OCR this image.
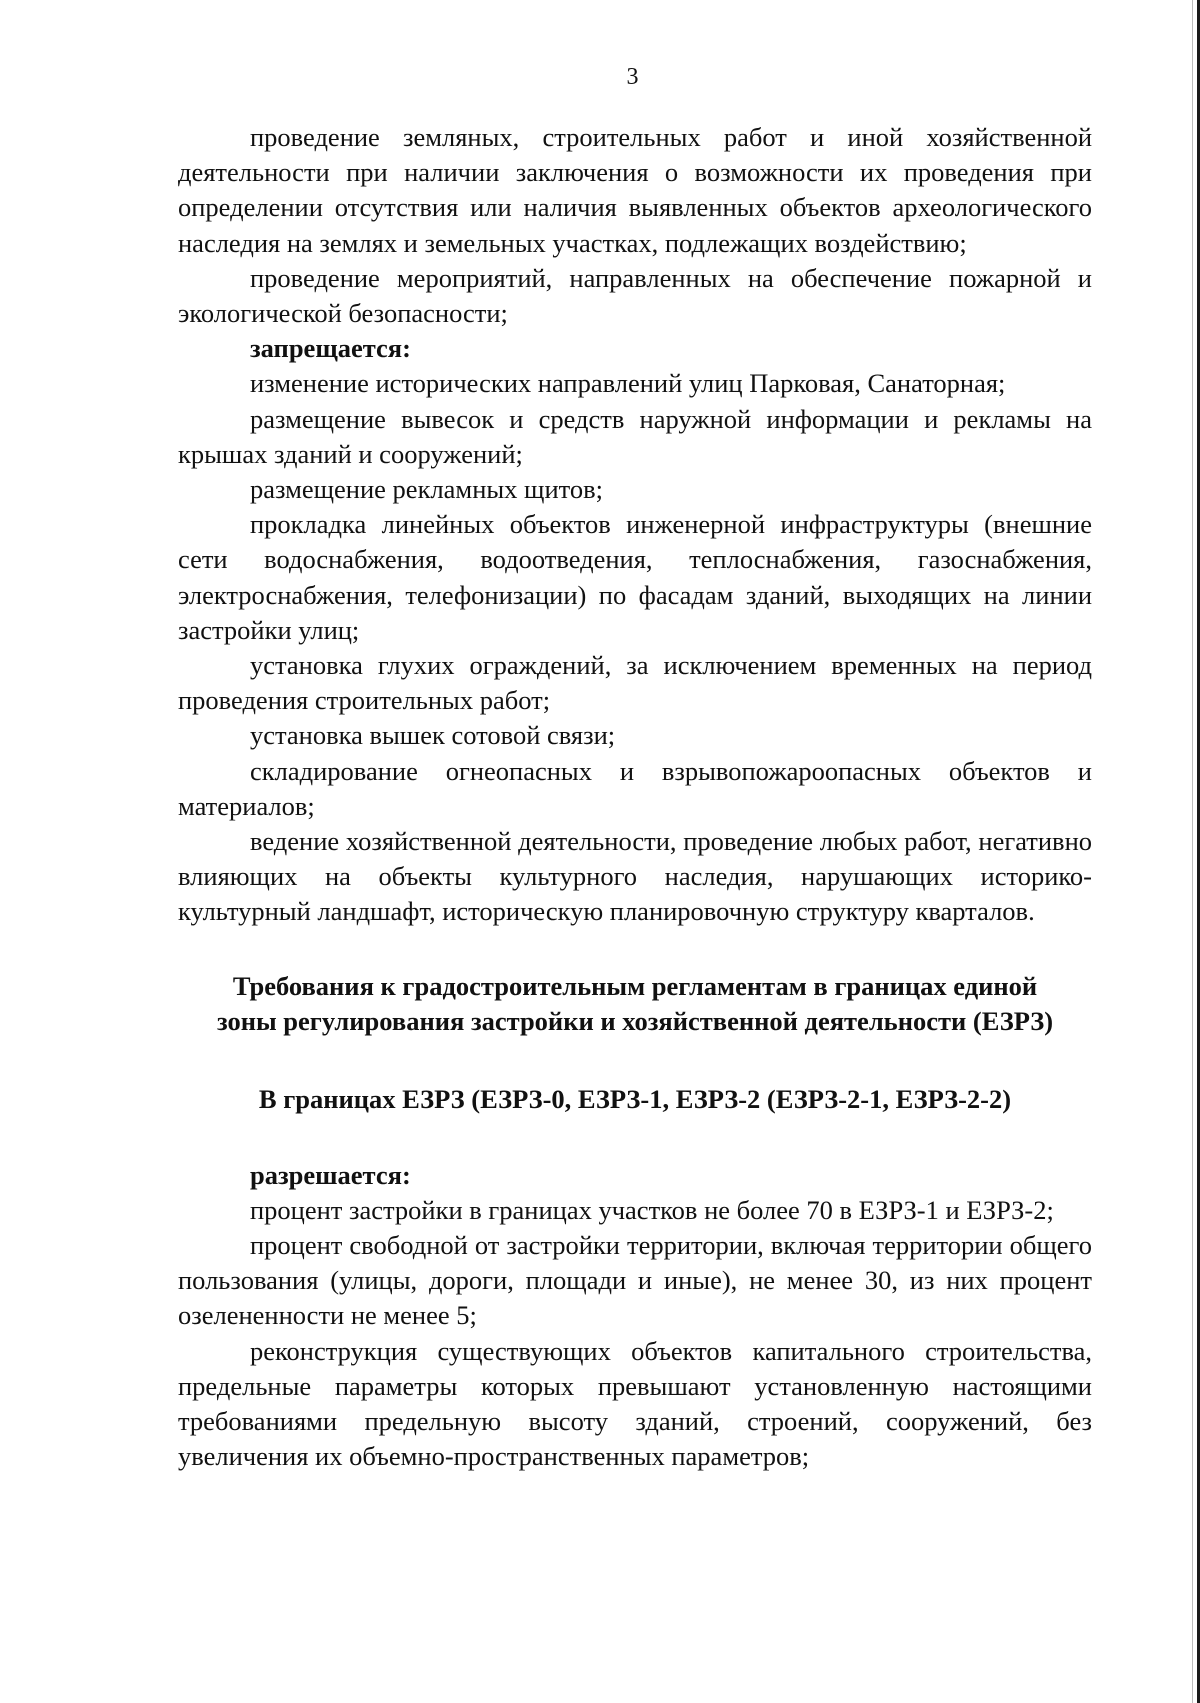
3

проведение земляных, строительных работ и иной хозяйственной деятельности при наличии заключения о возможности их проведения при определении отсутствия или наличия выявленных объектов археологического наследия на землях и земельных участках, подлежащих воздействию;

проведение мероприятий, направленных на обеспечение пожарной и экологической безопасности;

запрещается:

изменение исторических направлений улиц Парковая, Санаторная;

размещение вывесок и средств наружной информации и рекламы на крышах зданий и сооружений;

размещение рекламных щитов;

прокладка линейных объектов инженерной инфраструктуры (внешние сети водоснабжения, водоотведения, теплоснабжения, газоснабжения, электроснабжения, телефонизации) по фасадам зданий, выходящих на линии застройки улиц;

установка глухих ограждений, за исключением временных на период проведения строительных работ;

установка вышек сотовой связи;

складирование огнеопасных и взрывопожароопасных объектов и материалов;

ведение хозяйственной деятельности, проведение любых работ, негативно влияющих на объекты культурного наследия, нарушающих историко-культурный ландшафт, историческую планировочную структуру кварталов.

Требования к градостроительным регламентам в границах единой

зоны регулирования застройки и хозяйственной деятельности (ЕЗРЗ)

В границах ЕЗРЗ (ЕЗРЗ-0, ЕЗРЗ-1, ЕЗРЗ-2 (ЕЗРЗ-2-1, ЕЗРЗ-2-2)

разрешается:

процент застройки в границах участков не более 70 в ЕЗРЗ-1 и ЕЗРЗ-2;

процент свободной от застройки территории, включая территории общего пользования (улицы, дороги, площади и иные), не менее 30, из них процент озелененности не менее 5;

реконструкция существующих объектов капитального строительства, предельные параметры которых превышают установленную настоящими требованиями предельную высоту зданий, строений, сооружений, без увеличения их объемно-пространственных параметров;
